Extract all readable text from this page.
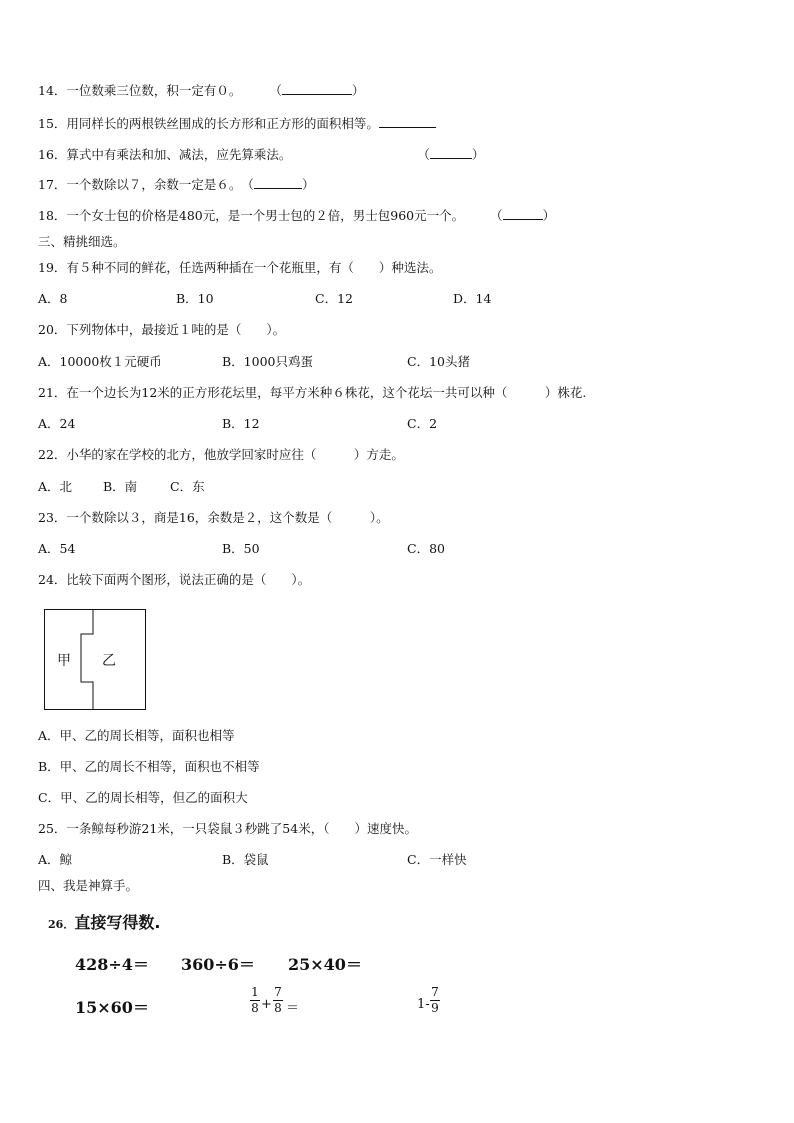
14．一位数乘三位数，积一定有０。 （	）
15．用同样长的两根铁丝围成的长方形和正方形的面积相等。
16．算式中有乘法和加、减法，应先算乘法。	（	）
17．一个数除以７，余数一定是６。（	）
18．一个女士包的价格是480元，是一个男士包的２倍，男士包960元一个。 （	）
三、精挑细选。
19．有５种不同的鲜花，任选两种插在一个花瓶里，有（　　）种选法。
A．8	B．10	C．12	D．14
20．下列物体中，最接近１吨的是（　　）。
A．10000枚１元硬币	B．1000只鸡蛋	C．10头猪
21．在一个边长为12米的正方形花坛里，每平方米种６株花，这个花坛一共可以种（　　　）株花.
A．24	B．12	C．2
22．小华的家在学校的北方，他放学回家时应往（　　　）方走。
A．北 B．南	C．东
23．一个数除以３，商是16，余数是２，这个数是（　　　）。
A．54	B．50	C．80
24．比较下面两个图形，说法正确的是（　　）。
甲 乙
A．甲、乙的周长相等，面积也相等
B．甲、乙的周长不相等，面积也不相等
C．甲、乙的周长相等，但乙的面积大
25．一条鲸每秒游21米，一只袋鼠３秒跳了54米，（　　）速度快。
A．鲸	B．袋鼠	C．一样快
四、我是神算手。
26．直接写得数.
428÷4＝ 360÷6＝ 25×40＝
15×60＝
1
8 +
7
8 ＝	1-
7
9
